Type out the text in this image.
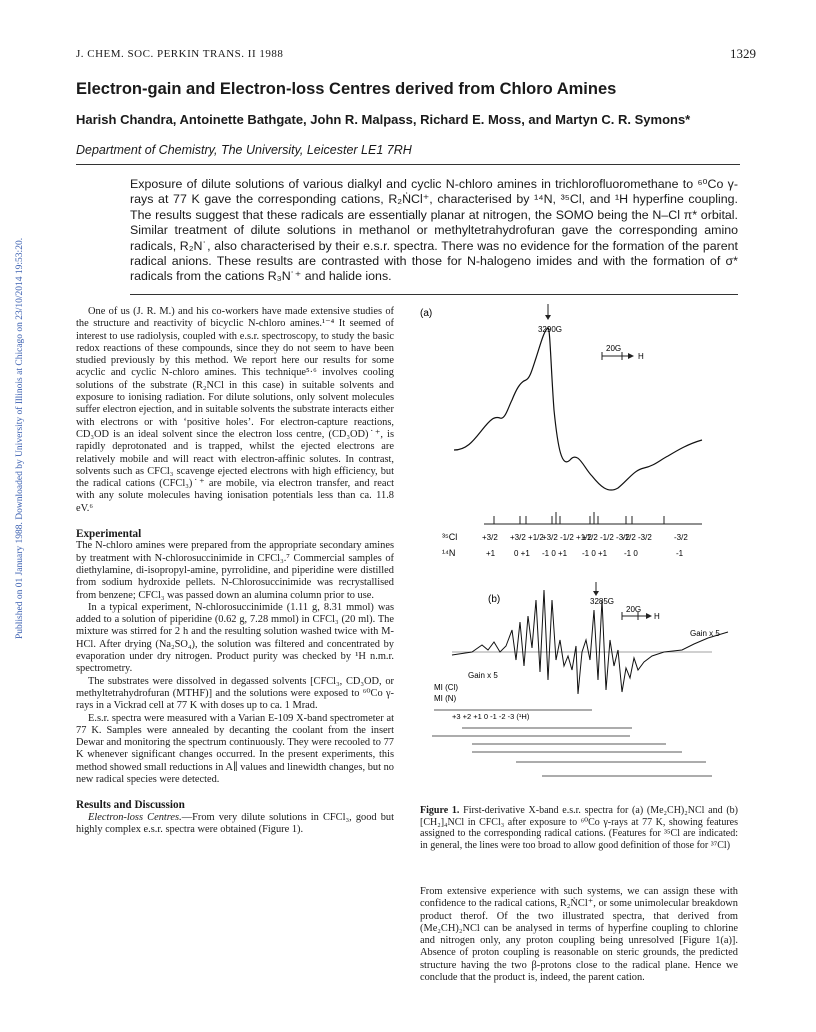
Published on 01 January 1988. Downloaded by University of Illinois at Chicago on 23/10/2014 19:53:20.
J. CHEM. SOC. PERKIN TRANS. II 1988	1329
Electron-gain and Electron-loss Centres derived from Chloro Amines
Harish Chandra, Antoinette Bathgate, John R. Malpass, Richard E. Moss, and Martyn C. R. Symons*
Department of Chemistry, The University, Leicester LE1 7RH
Exposure of dilute solutions of various dialkyl and cyclic N-chloro amines in trichlorofluoromethane to ⁶⁰Co γ-rays at 77 K gave the corresponding cations, R₂ṄCl⁺, characterised by ¹⁴N, ³⁵Cl, and ¹H hyperfine coupling. The results suggest that these radicals are essentially planar at nitrogen, the SOMO being the N–Cl π* orbital. Similar treatment of dilute solutions in methanol or methyltetrahydrofuran gave the corresponding amino radicals, R₂N˙, also characterised by their e.s.r. spectra. There was no evidence for the formation of the parent radical anions. These results are contrasted with those for N-halogeno imides and with the formation of σ* radicals from the cations R₃N˙⁺ and halide ions.

One of us (J. R. M.) and his co-workers have made extensive studies of the structure and reactivity of bicyclic N-chloro amines.¹⁻⁴ It seemed of interest to use radiolysis, coupled with e.s.r. spectroscopy, to study the basic redox reactions of these compounds, since they do not seem to have been studied previously by this method. We report here our results for some acyclic and cyclic N-chloro amines. This technique⁵·⁶ involves cooling solutions of the substrate (R₂NCl in this case) in suitable solvents and exposure to ionising radiation. For dilute solutions, only solvent molecules suffer electron ejection, and in suitable solvents the substrate interacts either with electrons or with ‘positive holes’. For electron-capture reactions, CD₃OD is an ideal solvent since the electron loss centre, (CD₃OD)˙⁺, is rapidly deprotonated and is trapped, whilst the ejected electrons are relatively mobile and will react with electron-affinic solutes. In contrast, solvents such as CFCl₃ scavenge ejected electrons with high efficiency, but the radical cations (CFCl₃)˙⁺ are mobile, via electron transfer, and react with any solute molecules having ionisation potentials less than ca. 11.8 eV.⁶

Experimental

The N-chloro amines were prepared from the appropriate secondary amines by treatment with N-chlorosuccinimide in CFCl₃.⁷ Commercial samples of diethylamine, di-isopropyl-amine, pyrrolidine, and piperidine were distilled from sodium hydroxide pellets. N-Chlorosuccinimide was recrystallised from benzene; CFCl₃ was passed down an alumina column prior to use.

In a typical experiment, N-chlorosuccinimide (1.11 g, 8.31 mmol) was added to a solution of piperidine (0.62 g, 7.28 mmol) in CFCl₃ (20 ml). The mixture was stirred for 2 h and the resulting solution washed twice with M-HCl. After drying (Na₂SO₄), the solution was filtered and concentrated by evaporation under dry nitrogen. Product purity was checked by ¹H n.m.r. spectrometry.

The substrates were dissolved in degassed solvents [CFCl₃, CD₃OD, or methyltetrahydrofuran (MTHF)] and the solutions were exposed to ⁶⁰Co γ-rays in a Vickrad cell at 77 K with doses up to ca. 1 Mrad.

E.s.r. spectra were measured with a Varian E-109 X-band spectrometer at 77 K. Samples were annealed by decanting the coolant from the insert Dewar and monitoring the spectrum continuously. They were recooled to 77 K whenever significant changes occurred. In the present experiments, this method showed small reductions in A∥ values and linewidth changes, but no new radical species were detected.

Results and Discussion

Electron-loss Centres.—From very dilute solutions in CFCl₃, good but highly complex e.s.r. spectra were obtained (Figure 1).

(a)
3290G
20G
H
³⁵Cl
¹⁴N
+3/2 +3/2 +1/2
+3/2 -1/2 +1/2
+1/2 -1/2 -3/2
-1/2 -3/2	-3/2
+1 0 +1 -1 0 +1 -1 0 +1 -1 0	-1
(b)	3285G
20G
H
Gain x 5
Gain x 5
MI (Cl)
MI (N)
+3 +2 +1 0 -1 -2 -3 (¹H)
Figure 1. First-derivative X-band e.s.r. spectra for (a) (Me₂CH)₂NCl and (b) [CH₂]₄NCl in CFCl₃ after exposure to ⁶⁰Co γ-rays at 77 K, showing features assigned to the corresponding radical cations. (Features for ³⁵Cl are indicated: in general, the lines were too broad to allow good definition of those for ³⁷Cl)

From extensive experience with such systems, we can assign these with confidence to the radical cations, R₂ṄCl⁺, or some unimolecular breakdown product therof. Of the two illustrated spectra, that derived from (Me₂CH)₂NCl can be analysed in terms of hyperfine coupling to chlorine and nitrogen only, any proton coupling being unresolved [Figure 1(a)]. Absence of proton coupling is reasonable on steric grounds, the predicted structure having the two β-protons close to the radical plane. Hence we conclude that the product is, indeed, the parent cation.
